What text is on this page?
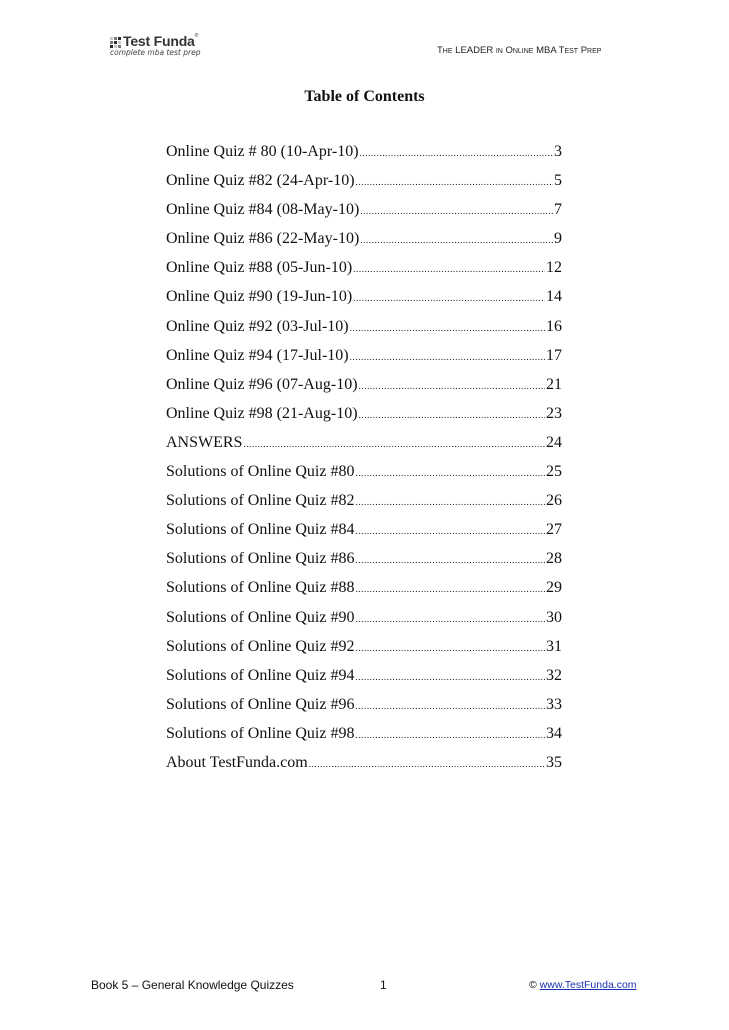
Test Funda®
complete mba test prep	The LEADER in Online MBA Test Prep
Table of Contents
Online Quiz # 80 (10-Apr-10) .....	3
Online Quiz #82 (24-Apr-10) .....	5
Online Quiz #84 (08-May-10) .....	7
Online Quiz #86 (22-May-10) .....	9
Online Quiz #88 (05-Jun-10) .....	12
Online Quiz #90 (19-Jun-10) .....	14
Online Quiz #92 (03-Jul-10) .....	16
Online Quiz #94 (17-Jul-10) .....	17
Online Quiz #96 (07-Aug-10) .....	21
Online Quiz #98 (21-Aug-10) .....	23
ANSWERS .....	24
Solutions of Online Quiz #80 .....	25
Solutions of Online Quiz #82 .....	26
Solutions of Online Quiz #84 .....	27
Solutions of Online Quiz #86 .....	28
Solutions of Online Quiz #88 .....	29
Solutions of Online Quiz #90 .....	30
Solutions of Online Quiz #92 .....	31
Solutions of Online Quiz #94 .....	32
Solutions of Online Quiz #96 .....	33
Solutions of Online Quiz #98 .....	34
About TestFunda.com .....	35
Book 5 – General Knowledge Quizzes	1	© www.TestFunda.com
